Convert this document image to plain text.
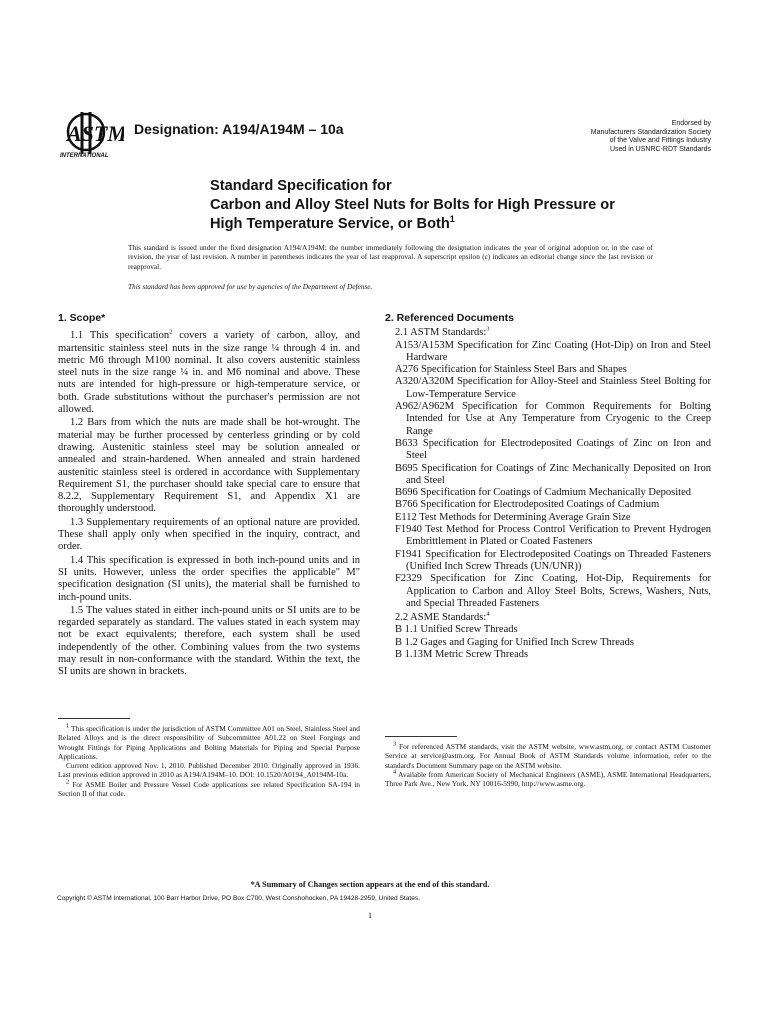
ASTM
INTERNATIONAL
Designation: A194/A194M – 10a	Endorsed by
Manufacturers Standardization Society
of the Valve and Fittings Industry
Used in USNRC-RDT Standards
Standard Specification for
Carbon and Alloy Steel Nuts for Bolts for High Pressure or
High Temperature Service, or Both$^1$
This standard is issued under the fixed designation A194/A194M; the number immediately following the designation indicates the year of original adoption or, in the case of revision, the year of last revision. A number in parentheses indicates the year of last reapproval. A superscript epsilon (ε) indicates an editorial change since the last revision or reapproval.
This standard has been approved for use by agencies of the Department of Defense.
1. Scope*

1.1 This specification$^2$ covers a variety of carbon, alloy, and martensitic stainless steel nuts in the size range ¼ through 4 in. and metric M6 through M100 nominal. It also covers austenitic stainless steel nuts in the size range ¼ in. and M6 nominal and above. These nuts are intended for high-pressure or high-temperature service, or both. Grade substitutions without the purchaser's permission are not allowed.

1.2 Bars from which the nuts are made shall be hot-wrought. The material may be further processed by centerless grinding or by cold drawing. Austenitic stainless steel may be solution annealed or annealed and strain-hardened. When annealed and strain hardened austenitic stainless steel is ordered in accordance with Supplementary Requirement S1, the purchaser should take special care to ensure that 8.2.2, Supplementary Requirement S1, and Appendix X1 are thoroughly understood.

1.3 Supplementary requirements of an optional nature are provided. These shall apply only when specified in the inquiry, contract, and order.

1.4 This specification is expressed in both inch-pound units and in SI units. However, unless the order specifies the applicable" M" specification designation (SI units), the material shall be furnished to inch-pound units.

1.5 The values stated in either inch-pound units or SI units are to be regarded separately as standard. The values stated in each system may not be exact equivalents; therefore, each system shall be used independently of the other. Combining values from the two systems may result in non-conformance with the standard. Within the text, the SI units are shown in brackets.

2. Referenced Documents
2.1 ASTM Standards:$^3$
A153/A153M Specification for Zinc Coating (Hot-Dip) on Iron and Steel Hardware
A276 Specification for Stainless Steel Bars and Shapes
A320/A320M Specification for Alloy-Steel and Stainless Steel Bolting for Low-Temperature Service
A962/A962M Specification for Common Requirements for Bolting Intended for Use at Any Temperature from Cryogenic to the Creep Range
B633 Specification for Electrodeposited Coatings of Zinc on Iron and Steel
B695 Specification for Coatings of Zinc Mechanically Deposited on Iron and Steel
B696 Specification for Coatings of Cadmium Mechanically Deposited
B766 Specification for Electrodeposited Coatings of Cadmium
E112 Test Methods for Determining Average Grain Size
F1940 Test Method for Process Control Verification to Prevent Hydrogen Embrittlement in Plated or Coated Fasteners
F1941 Specification for Electrodeposited Coatings on Threaded Fasteners (Unified Inch Screw Threads (UN/UNR))
F2329 Specification for Zinc Coating, Hot-Dip, Requirements for Application to Carbon and Alloy Steel Bolts, Screws, Washers, Nuts, and Special Threaded Fasteners
2.2 ASME Standards:$^4$
B 1.1 Unified Screw Threads
B 1.2 Gages and Gaging for Unified Inch Screw Threads
B 1.13M Metric Screw Threads

$^1$ This specification is under the jurisdiction of ASTM Committee A01 on Steel, Stainless Steel and Related Alloys and is the direct responsibility of Subcommittee A01.22 on Steel Forgings and Wrought Fittings for Piping Applications and Bolting Materials for Piping and Special Purpose Applications.

Current edition approved Nov. 1, 2010. Published December 2010. Originally approved in 1936. Last previous edition approved in 2010 as A194/A194M–10. DOI: 10.1520/A0194_A0194M-10a.

$^2$ For ASME Boiler and Pressure Vessel Code applications see related Specification SA-194 in Section II of that code.

$^3$ For referenced ASTM standards, visit the ASTM website, www.astm.org, or contact ASTM Customer Service at service@astm.org. For Annual Book of ASTM Standards volume information, refer to the standard's Document Summary page on the ASTM website.

$^4$ Available from American Society of Mechanical Engineers (ASME), ASME International Headquarters, Three Park Ave., New York, NY 10016-5990, http://www.asme.org.

*A Summary of Changes section appears at the end of this standard.
Copyright © ASTM International, 100 Barr Harbor Drive, PO Box C700, West Conshohocken, PA 19428-2959, United States.
1
